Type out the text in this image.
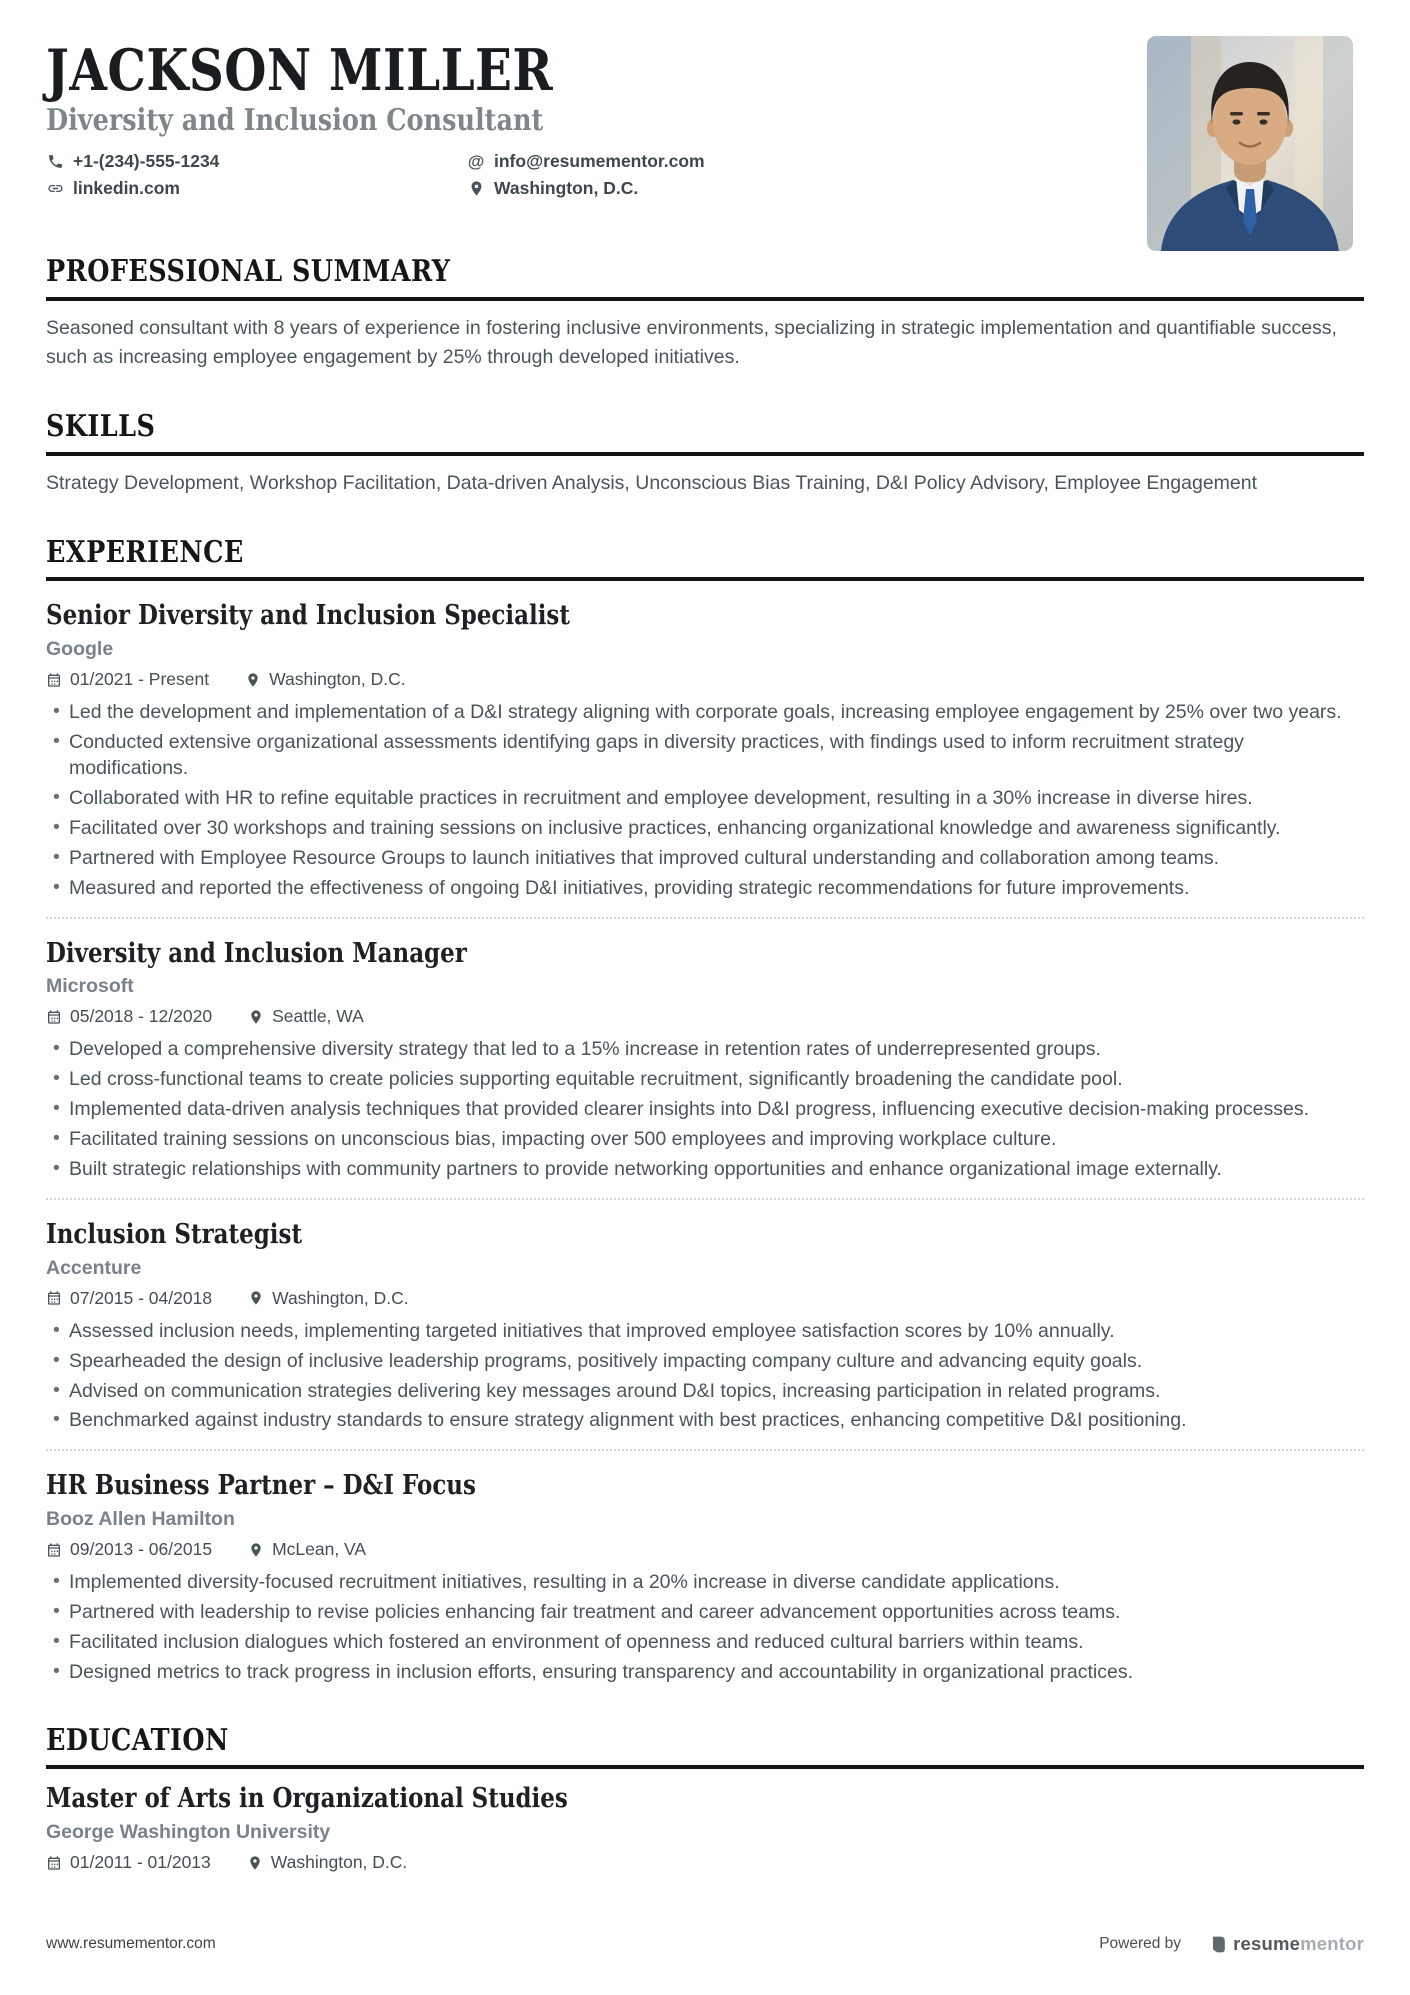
JACKSON MILLER
Diversity and Inclusion Consultant
+1-(234)-555-1234 @	info@resumementor.com
linkedin.com	Washington, D.C.
PROFESSIONAL SUMMARY

Seasoned consultant with 8 years of experience in fostering inclusive environments, specializing in strategic implementation and quantifiable success, such as increasing employee engagement by 25% through developed initiatives.

SKILLS

Strategy Development, Workshop Facilitation, Data-driven Analysis, Unconscious Bias Training, D&I Policy Advisory, Employee Engagement

EXPERIENCE
Senior Diversity and Inclusion Specialist
Google
01/2021 - Present	Washington, D.C.
• Led the development and implementation of a D&I strategy aligning with corporate goals, increasing employee engagement by 25% over two years.
• Conducted extensive organizational assessments identifying gaps in diversity practices, with findings used to inform recruitment strategy modifications.
• Collaborated with HR to refine equitable practices in recruitment and employee development, resulting in a 30% increase in diverse hires.
• Facilitated over 30 workshops and training sessions on inclusive practices, enhancing organizational knowledge and awareness significantly.
• Partnered with Employee Resource Groups to launch initiatives that improved cultural understanding and collaboration among teams.
• Measured and reported the effectiveness of ongoing D&I initiatives, providing strategic recommendations for future improvements.
Diversity and Inclusion Manager
Microsoft
05/2018 - 12/2020	Seattle, WA
• Developed a comprehensive diversity strategy that led to a 15% increase in retention rates of underrepresented groups.
• Led cross-functional teams to create policies supporting equitable recruitment, significantly broadening the candidate pool.
• Implemented data-driven analysis techniques that provided clearer insights into D&I progress, influencing executive decision-making processes.
• Facilitated training sessions on unconscious bias, impacting over 500 employees and improving workplace culture.
• Built strategic relationships with community partners to provide networking opportunities and enhance organizational image externally.
Inclusion Strategist
Accenture
07/2015 - 04/2018	Washington, D.C.
• Assessed inclusion needs, implementing targeted initiatives that improved employee satisfaction scores by 10% annually.
• Spearheaded the design of inclusive leadership programs, positively impacting company culture and advancing equity goals.
• Advised on communication strategies delivering key messages around D&I topics, increasing participation in related programs.
• Benchmarked against industry standards to ensure strategy alignment with best practices, enhancing competitive D&I positioning.
HR Business Partner – D&I Focus
Booz Allen Hamilton
09/2013 - 06/2015	McLean, VA
• Implemented diversity-focused recruitment initiatives, resulting in a 20% increase in diverse candidate applications.
• Partnered with leadership to revise policies enhancing fair treatment and career advancement opportunities across teams.
• Facilitated inclusion dialogues which fostered an environment of openness and reduced cultural barriers within teams.
• Designed metrics to track progress in inclusion efforts, ensuring transparency and accountability in organizational practices.
EDUCATION
Master of Arts in Organizational Studies
George Washington University
01/2011 - 01/2013	Washington, D.C.
www.resumementor.com	Powered by	resumementor
